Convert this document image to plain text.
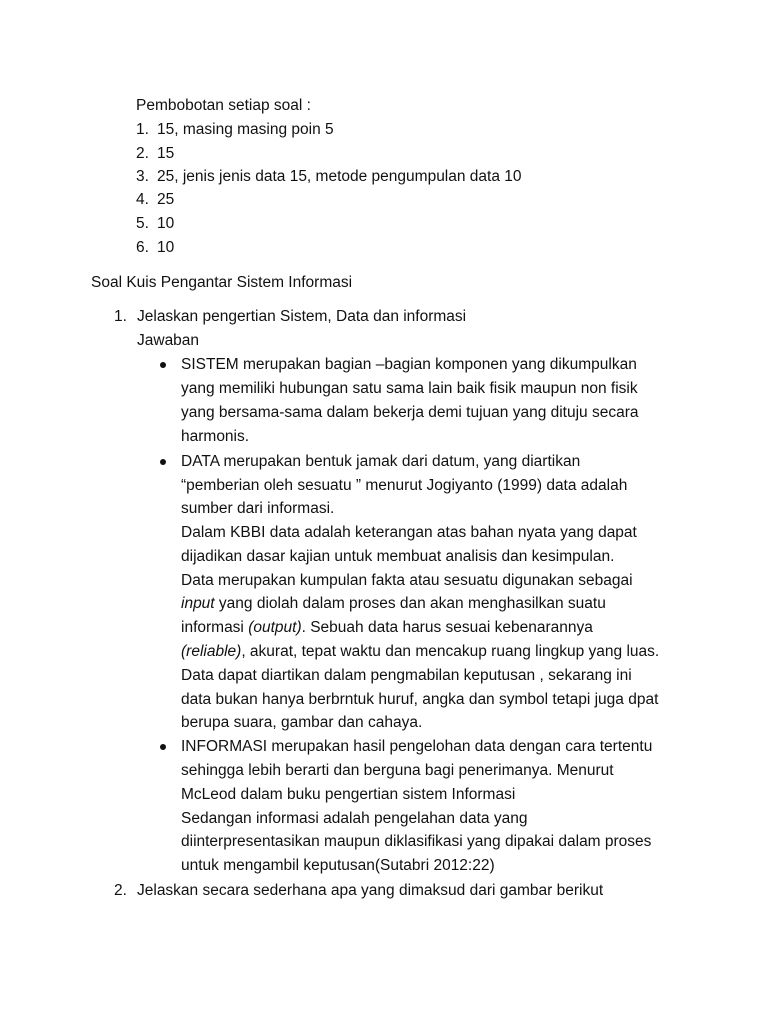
Pembobotan setiap soal :
1. 15, masing masing poin 5
2. 15
3. 25, jenis jenis data 15, metode pengumpulan data 10
4. 25
5. 10
6. 10
Soal Kuis Pengantar Sistem Informasi
1. Jelaskan pengertian Sistem, Data dan informasi
Jawaban
SISTEM merupakan bagian –bagian komponen yang dikumpulkan
yang memiliki hubungan satu sama lain baik fisik maupun non fisik
yang bersama-sama dalam bekerja demi tujuan yang dituju secara
harmonis.
DATA merupakan bentuk jamak dari datum, yang diartikan
“pemberian oleh sesuatu ” menurut Jogiyanto (1999) data adalah
sumber dari informasi.
Dalam KBBI data adalah keterangan atas bahan nyata yang dapat
dijadikan dasar kajian untuk membuat analisis dan kesimpulan.
Data merupakan kumpulan fakta atau sesuatu digunakan sebagai
input yang diolah dalam proses dan akan menghasilkan suatu
informasi (output). Sebuah data harus sesuai kebenarannya
(reliable), akurat, tepat waktu dan mencakup ruang lingkup yang luas.
Data dapat diartikan dalam pengmabilan keputusan , sekarang ini
data bukan hanya berbrntuk huruf, angka dan symbol tetapi juga dpat
berupa suara, gambar dan cahaya.
INFORMASI merupakan hasil pengelohan data dengan cara tertentu
sehingga lebih berarti dan berguna bagi penerimanya. Menurut
McLeod dalam buku pengertian sistem Informasi
Sedangan informasi adalah pengelahan data yang
diinterpresentasikan maupun diklasifikasi yang dipakai dalam proses
untuk mengambil keputusan(Sutabri 2012:22)
2. Jelaskan secara sederhana apa yang dimaksud dari gambar berikut
